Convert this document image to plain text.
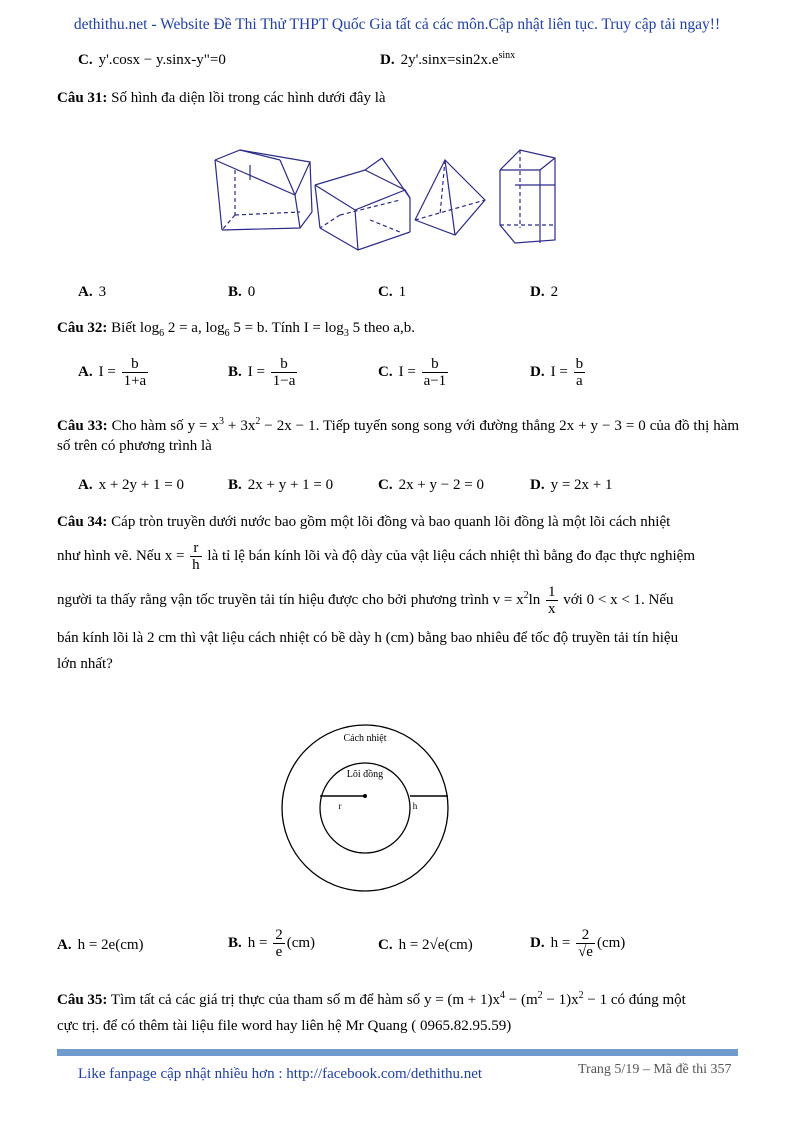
dethithu.net - Website Đề Thi Thử THPT Quốc Gia tất cả các môn.Cập nhật liên tục. Truy cập tải ngay!!
C. y'.cosx − y.sinx-y"=0	D. $2y'.\sin x=\sin 2x.e^{sinx}$
Câu 31: Số hình đa diện lồi trong các hình dưới đây là
A. 3	B. 0	C. 1	D. 2
Câu 32: Biết $\log_6 2 = a$, $\log_6 5 = b$. Tính $I = \log_3 5$ theo a,b.
A. $I = \frac{b}{1+a}$	B. $I = \frac{b}{1-a}$	C. $I = \frac{b}{a-1}$	D. $I = \frac{b}{a}$
Câu 33: Cho hàm số $y = x^3 + 3x^2 - 2x - 1$. Tiếp tuyến song song với đường thẳng 2x + y − 3 = 0 của đồ thị hàm số trên có phương trình là
A. x + 2y + 1 = 0	B. 2x + y + 1 = 0	C. 2x + y − 2 = 0	D. y = 2x + 1
Câu 34: Cáp tròn truyền dưới nước bao gồm một lõi đồng và bao quanh lõi đồng là một lõi cách nhiệt
như hình vẽ. Nếu $x = \frac{r}{h}$ là tỉ lệ bán kính lõi và độ dày của vật liệu cách nhiệt thì bằng đo đạc thực nghiệm
người ta thấy rằng vận tốc truyền tải tín hiệu được cho bởi phương trình $v = x^2\ln \frac{1}{x}$ với 0 < x < 1. Nếu
bán kính lõi là 2 cm thì vật liệu cách nhiệt có bề dày h (cm) bằng bao nhiêu để tốc độ truyền tải tín hiệu
lớn nhất?
Cách nhiệt
Lõi đồng
r	h
A. h = 2e(cm)	B. $h = \frac{2}{e} (cm)$	C. h = 2√e(cm)	D. $h = \frac{2}{√e} (cm)$
Câu 35: Tìm tất cả các giá trị thực của tham số m để hàm số $y = (m + 1)x^4 - (m^2 - 1)x^2 - 1$ có đúng một
cực trị. để có thêm tài liệu file word hay liên hệ Mr Quang ( 0965.82.95.59)
Like fanpage cập nhật nhiều hơn : http://facebook.com/dethithu.net	Trang 5/19 – Mã đề thi 357
